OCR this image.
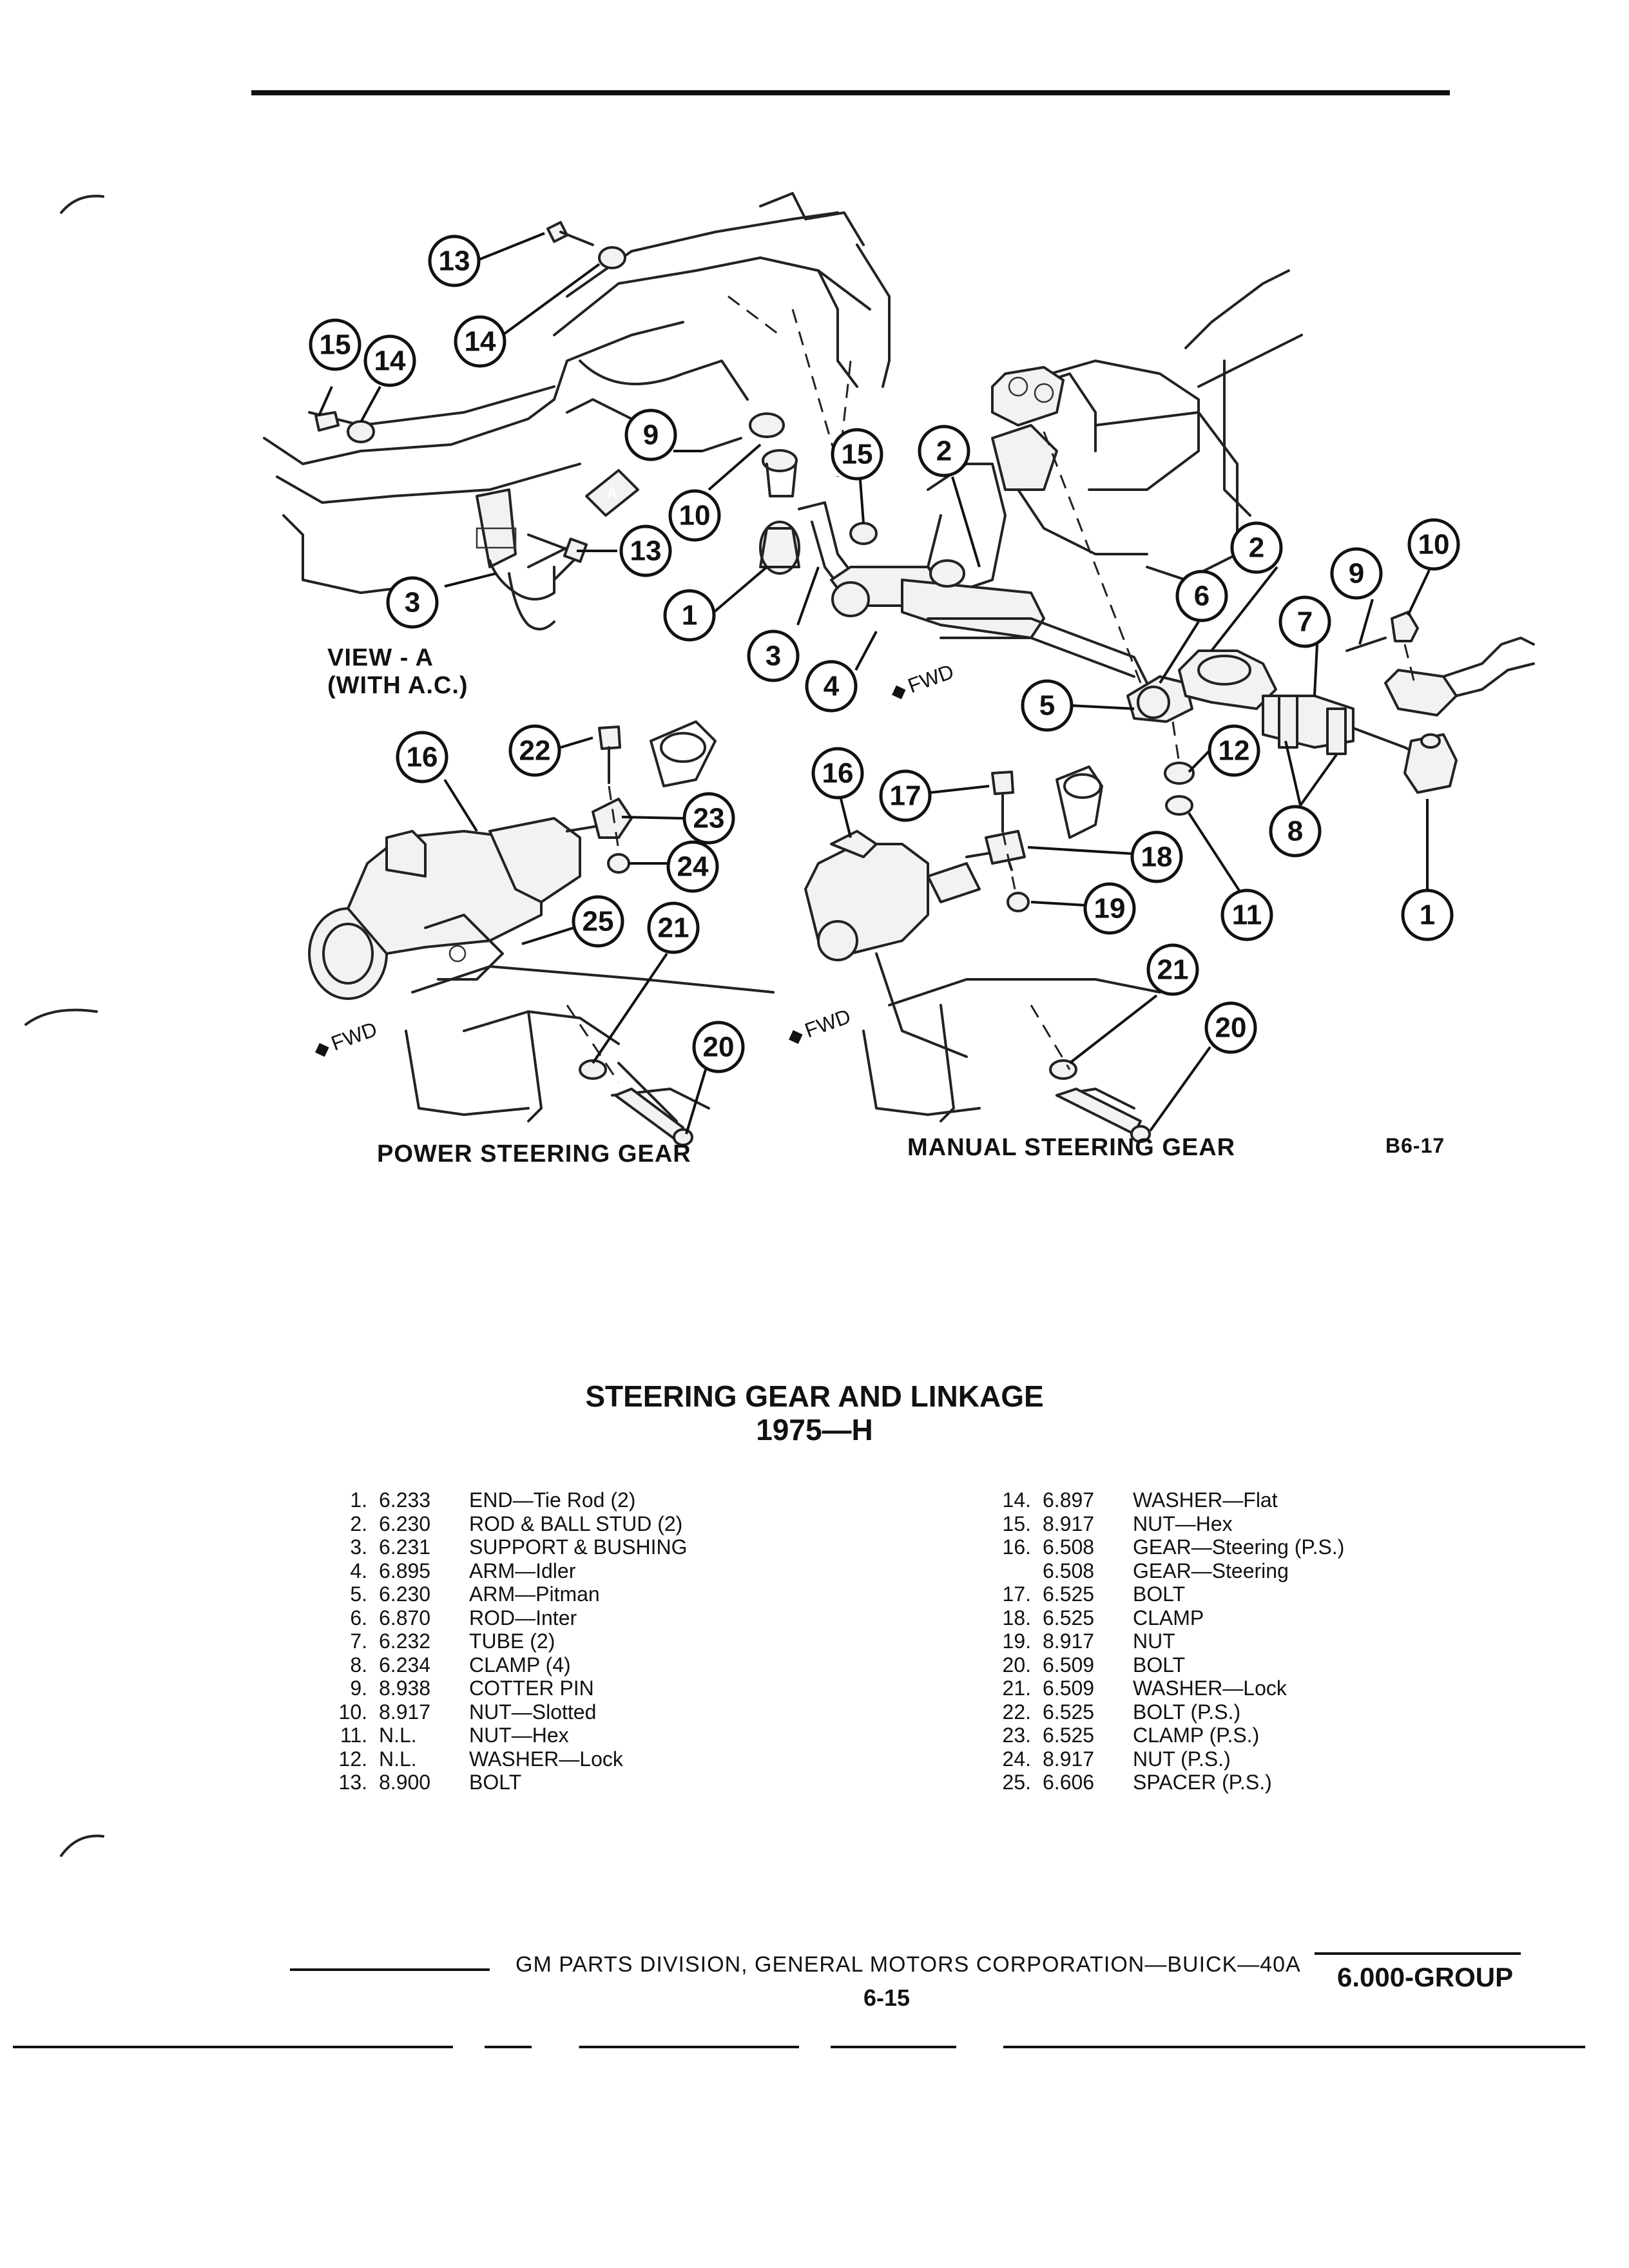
13
14
15
14
3
13
9
10
1
15 2
3
4
2
6
5
7
9
10
12
8
11	1
16	22
23
24
25 21
20
16
17
18
19
21
20
A
VIEW - A
(WITH A.C.)	◆FWD
◆FWD	◆FWD
POWER STEERING GEAR	MANUAL STEERING GEAR	B6-17
STEERING GEAR AND LINKAGE
1975—H
1.	6.233	END—Tie Rod (2)
2.	6.230	ROD & BALL STUD (2)
3.	6.231	SUPPORT & BUSHING
4.	6.895	ARM—Idler
5.	6.230	ARM—Pitman
6.	6.870	ROD—Inter
7.	6.232	TUBE (2)
8.	6.234	CLAMP (4)
9.	8.938	COTTER PIN
10.	8.917	NUT—Slotted
11.	N.L.	NUT—Hex
12.	N.L.	WASHER—Lock
13.	8.900	BOLT
14.	6.897	WASHER—Flat
15.	8.917	NUT—Hex
16.	6.508	GEAR—Steering (P.S.)
	6.508	GEAR—Steering
17.	6.525	BOLT
18.	6.525	CLAMP
19.	8.917	NUT
20.	6.509	BOLT
21.	6.509	WASHER—Lock
22.	6.525	BOLT (P.S.)
23.	6.525	CLAMP (P.S.)
24.	8.917	NUT (P.S.)
25.	6.606	SPACER (P.S.)
GM PARTS DIVISION, GENERAL MOTORS CORPORATION—BUICK—40A 6.000-GROUP
6-15
